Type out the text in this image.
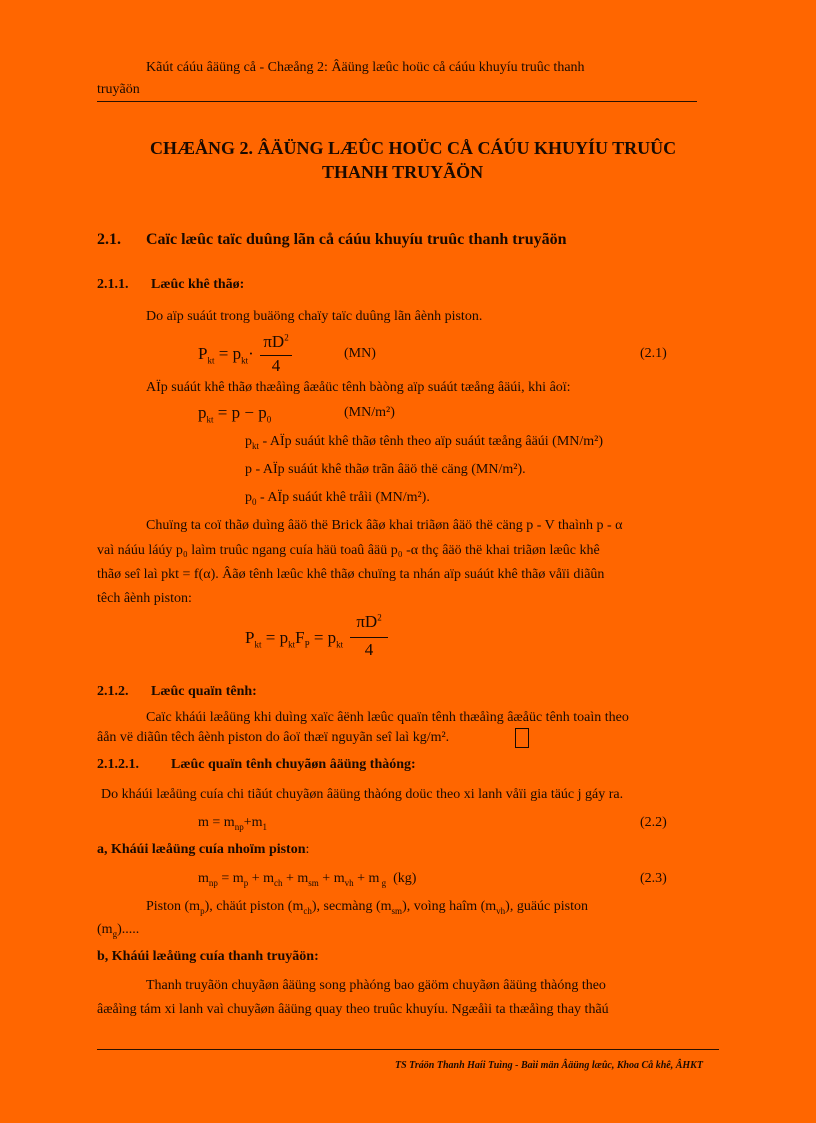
Kãút cáúu âäüng cå - Chæång 2: Âäüng læûc hoüc cå cáúu khuyíu truûc thanh
truyãön
CHÆÅNG 2. ÂÄÜNG LÆÛC HOÜC CÅ CÁÚU KHUYÍU TRUÛC
THANH TRUYÃÖN
2.1. Caïc læûc taïc duûng lãn cå cáúu khuyíu truûc thanh truyãön
2.1.1. Læûc khê thãø:
Do aïp suáút trong buäöng chaïy taïc duûng lãn âènh piston.
$P_{kt} = p_{kt}\cdot$
$\pi D^2$
4
(MN)	(2.1)
AÏp suáút khê thãø thæåìng âæåüc tênh bàòng aïp suáút tæång âäúi, khi âoï:
$p_{kt} = p - p_0$	(MN/m²)
$p_{kt}$ - AÏp suáút khê thãø tênh theo aïp suáút tæång âäúi (MN/m²)
p - AÏp suáút khê thãø trãn âäö thë cäng (MN/m²).
$p_0$ - AÏp suáút khê tråìi (MN/m²).
Chuïng ta coï thãø duìng âäö thë Brick âãø khai triãøn âäö thë cäng p - V thaình p - α
vaì náúu láúy p₀ laìm truûc ngang cuía häü toaû âäü p₀ -α thç âäö thë khai triãøn læûc khê
thãø seî laì pkt = f(α). Âãø tênh læûc khê thãø chuïng ta nhán aïp suáút khê thãø våïi diãûn
têch âènh piston:
$P_{kt} = p_{kt}F_P = p_{kt}$
$\pi D^2$
4
2.1.2. Læûc quaïn tênh:
Caïc kháúi læåüng khi duìng xaïc âënh læûc quaïn tênh thæåìng âæåüc tênh toaìn theo
âån vë diãûn têch âènh piston do âoï thæï nguyãn seî laì kg/m².
2.1.2.1. Læûc quaïn tênh chuyãøn âäüng thàóng:
Do kháúi læåüng cuía chi tiãút chuyãøn âäüng thàóng doüc theo xi lanh våïi gia täúc j gáy ra.
$m = m_{np}+m_1$	(2.2)
a, Kháúi læåüng cuía nhoïm piston:
$m_{np} = m_p + m_{ch} + m_{sm} + m_{vh} + m$ $_g$ (kg)	(2.3)
Piston $(m_p)$, chäút piston $(m_{ch})$, secmàng $(m_{sm})$, voìng haîm $(m_{vh})$, guäúc piston
$(m_g)$.....
b, Kháúi læåüng cuía thanh truyãön:
Thanh truyãön chuyãøn âäüng song phàóng bao gäöm chuyãøn âäüng thàóng theo
âæåìng tám xi lanh vaì chuyãøn âäüng quay theo truûc khuyíu. Ngæåìi ta thæåìng thay thãú
TS Tráön Thanh Haíi Tuìng - Baìi män Âäüng læûc, Khoa Cå khê, ÂHKT
